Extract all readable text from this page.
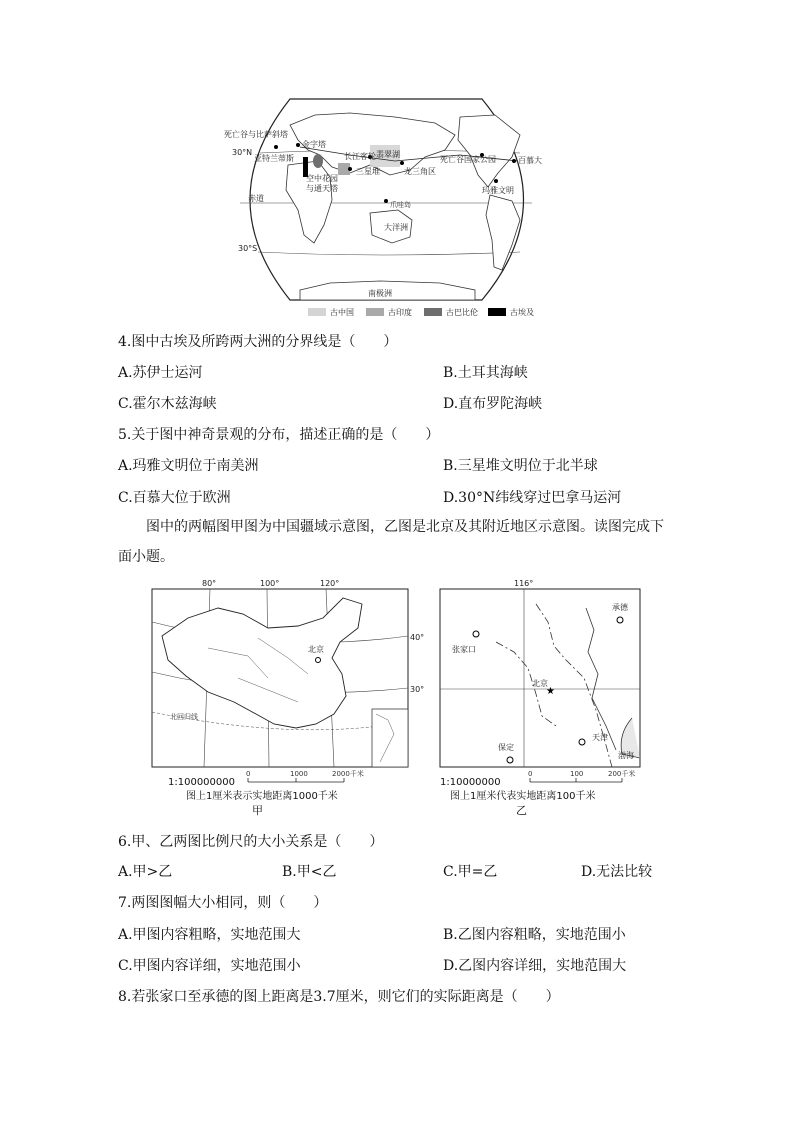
死亡谷与比萨斜塔
30°N
金字塔
亚特兰蒂斯
空中花园
与通天塔
长江客轮 翡翠湖
三星堆	龙三角区
死亡谷国家公园	百慕大
玛雅文明
赤道
30°S
大洋洲
南极洲
爪哇岛
古中国	古印度	古巴比伦	古埃及
4.图中古埃及所跨两大洲的分界线是（　　）
A.苏伊士运河	B.土耳其海峡
C.霍尔木兹海峡	D.直布罗陀海峡
5.关于图中神奇景观的分布，描述正确的是（　　）
A.玛雅文明位于南美洲	B.三星堆文明位于北半球
C.百慕大位于欧洲	D.30°N纬线穿过巴拿马运河
图中的两幅图甲图为中国疆域示意图，乙图是北京及其附近地区示意图。读图完成下面小题。
80°	100°	120°
北京
40°
30°
北回归线
1:100000000
0	1000	2000千米
图上1厘米表示实地距离1000千米
甲
116°
承德
张家口
★
北京
天津
保定
渤海
1:10000000
0	100	200千米
图上1厘米代表实地距离100千米
乙
6.甲、乙两图比例尺的大小关系是（　　）
A.甲>乙	B.甲<乙	C.甲=乙	D.无法比较
7.两图图幅大小相同，则（　　）
A.甲图内容粗略，实地范围大	B.乙图内容粗略，实地范围小
C.甲图内容详细，实地范围小	D.乙图内容详细，实地范围大
8.若张家口至承德的图上距离是3.7厘米，则它们的实际距离是（　　）
